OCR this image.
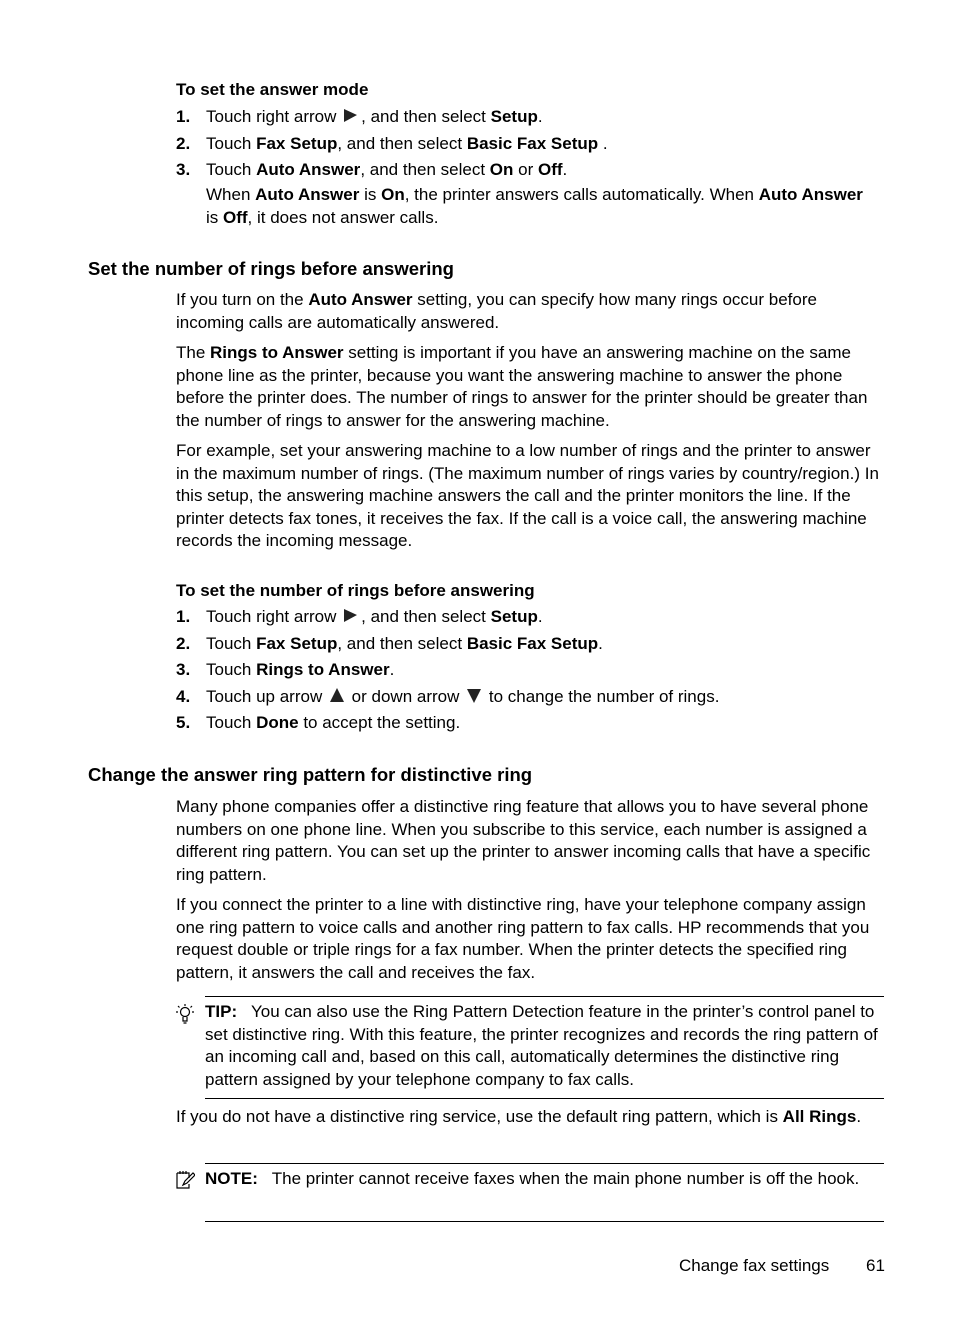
To set the answer mode
1. Touch right arrow , and then select Setup.
2. Touch Fax Setup, and then select Basic Fax Setup .
3. Touch Auto Answer, and then select On or Off.
When Auto Answer is On, the printer answers calls automatically. When Auto Answer is Off, it does not answer calls.
Set the number of rings before answering

If you turn on the Auto Answer setting, you can specify how many rings occur before incoming calls are automatically answered.

The Rings to Answer setting is important if you have an answering machine on the same phone line as the printer, because you want the answering machine to answer the phone before the printer does. The number of rings to answer for the printer should be greater than the number of rings to answer for the answering machine.

For example, set your answering machine to a low number of rings and the printer to answer in the maximum number of rings. (The maximum number of rings varies by country/region.) In this setup, the answering machine answers the call and the printer monitors the line. If the printer detects fax tones, it receives the fax. If the call is a voice call, the answering machine records the incoming message.

To set the number of rings before answering
1. Touch right arrow , and then select Setup.
2. Touch Fax Setup, and then select Basic Fax Setup.
3. Touch Rings to Answer.
4. Touch up arrow  or down arrow  to change the number of rings.
5. Touch Done to accept the setting.
Change the answer ring pattern for distinctive ring

Many phone companies offer a distinctive ring feature that allows you to have several phone numbers on one phone line. When you subscribe to this service, each number is assigned a different ring pattern. You can set up the printer to answer incoming calls that have a specific ring pattern.

If you connect the printer to a line with distinctive ring, have your telephone company assign one ring pattern to voice calls and another ring pattern to fax calls. HP recommends that you request double or triple rings for a fax number. When the printer detects the specified ring pattern, it answers the call and receives the fax.

TIP:   You can also use the Ring Pattern Detection feature in the printer’s control panel to set distinctive ring. With this feature, the printer recognizes and records the ring pattern of an incoming call and, based on this call, automatically determines the distinctive ring pattern assigned by your telephone company to fax calls.

If you do not have a distinctive ring service, use the default ring pattern, which is All Rings.

NOTE:   The printer cannot receive faxes when the main phone number is off the hook.
Change fax settings 61
